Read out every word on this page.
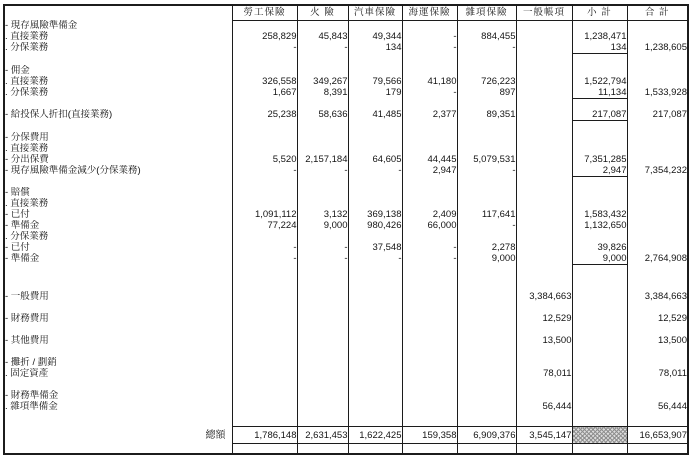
	勞工保險	火 險	汽車保險	海運保險	雜項保險	一般帳項	小 計	合 計
- 現存風險準備金								
. 直接業務	258,829	45,843	49,344	-	884,455		1,238,471	
. 分保業務	-	-	134	-	-		134	1,238,605

- 佣金								
. 直接業務	326,558	349,267	79,566	41,180	726,223		1,522,794	
. 分保業務	1,667	8,391	179	-	897		11,134	1,533,928

- 給投保人折扣(直接業務)	25,238	58,636	41,485	2,377	89,351		217,087	217,087

- 分保費用								
. 直接業務								
- 分出保費	5,520	2,157,184	64,605	44,445	5,079,531		7,351,285	
- 現存風險準備金減少(分保業務)	-	-	-	2,947	-		2,947	7,354,232

- 賠償								
. 直接業務								
- 已付	1,091,112	3,132	369,138	2,409	117,641		1,583,432	
- 準備金	77,224	9,000	980,426	66,000	-		1,132,650	
. 分保業務								
- 已付	-	-	37,548	-	2,278		39,826	
- 準備金	-	-	-	-	9,000		9,000	2,764,908

- 一般費用						3,384,663		3,384,663

- 財務費用						12,529		12,529

- 其他費用						13,500		13,500

- 攤折 / 劃銷								
. 固定資產						78,011		78,011

- 財務準備金								
. 雜項準備金						56,444		56,444

總額	1,786,148	2,631,453	1,622,425	159,358	6,909,376	3,545,147		16,653,907
